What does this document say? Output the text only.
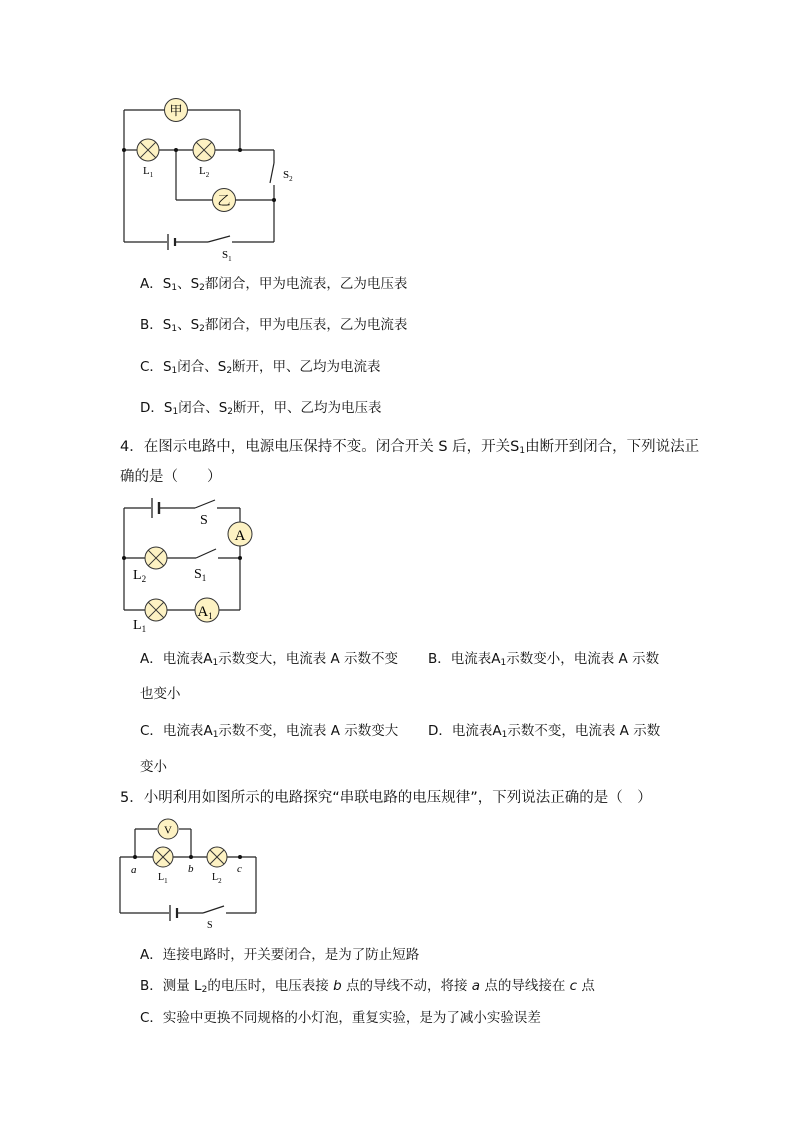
甲
乙
$L_1$	$L_2$	$S_2$
$S_1$
A．$S_1$、$S_2$都闭合，甲为电流表，乙为电压表
B．$S_1$、$S_2$都闭合，甲为电压表，乙为电流表
C．$S_1$闭合、$S_2$断开，甲、乙均为电流表
D．$S_1$闭合、$S_2$断开，甲、乙均为电压表
4．在图示电路中，电源电压保持不变。闭合开关 S 后，开关$S_1$由断开到闭合，下列说法正
确的是（　　）
A
$A_1$
S
$L_2$	$S_1$
$L_1$
A．电流表$A_1$示数变大，电流表 A 示数不变 B．电流表$A_1$示数变小，电流表 A 示数
也变小
C．电流表$A_1$示数不变，电流表 A 示数变大 D．电流表$A_1$示数不变，电流表 A 示数
变小
5．小明利用如图所示的电路探究“串联电路的电压规律”，下列说法正确的是（　）
V
a	b	c
$L_1$	$L_2$
S
A．连接电路时，开关要闭合，是为了防止短路
B．测量 $L_2$的电压时，电压表接 b 点的导线不动，将接 a 点的导线接在 c 点
C．实验中更换不同规格的小灯泡，重复实验，是为了减小实验误差
